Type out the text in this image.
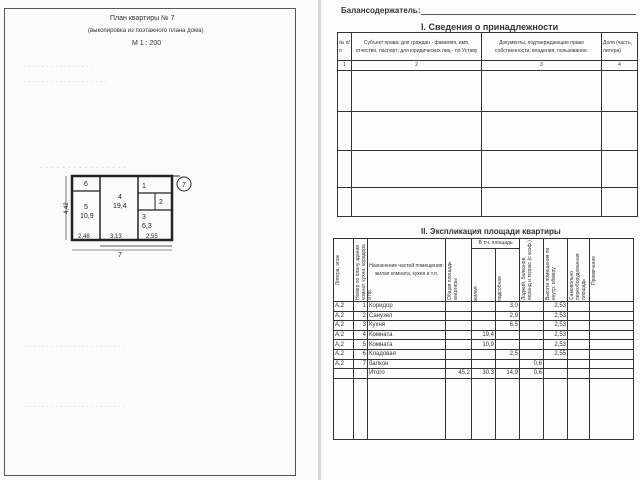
План квартиры № 7
(выкопировка из поэтажного плана дома)
М 1 : 200
. . . . . . . . . . . . . . . .
. . . . . . . . . . . . . . . . . . .
. . . . . . . . . . . . . . . .
. . . . . . . . . . . . . . . . . . . . . . . .
. . . . . . . . . . . . . . . . . . . . . . . .
7
6
5
10,9
4
19,4
1
2
3
6,3
4,42
2,48	3,13	2,55
7
Балансодержатель:
I. Сведения о принадлежности
№ п/п	Субъект права: для граждан - фамилия, имя, отчество, паспорт; для юридических лиц - по Уставу	Документы, подтверждающие право собственности, владения, пользования.	Доля (часть, литера)
1	2	3	4

II. Экспликация площади квартиры
Литера, этаж	Номер по плану здания комнат, кухни, коридора и пр.	Назначение частей помещения: жилая комната, кухня и т.п.	Общая площадь квартиры	В т.ч. площадь		Лоджий, балконов, веранд и террас (с коэф.)	Высота помещения по внутр. обмеру	Самовольно переоборудованная площадь	Примечание

				жилая	подсобная				

А,2	1	Коридор			3,0		2,53		
А,2	2	Санузел			2,9		2,53		
А,2	3	Кухня			6,5		2,53		
А,2	4	Комната		19,4			2,53		
А,2	5	Комната		10,9			2,53		
А,2	6	Кладовая			2,5		2,55		
А,2	7	балкон				0,6			
		Итого	45,2	30,3	14,9	0,6			
